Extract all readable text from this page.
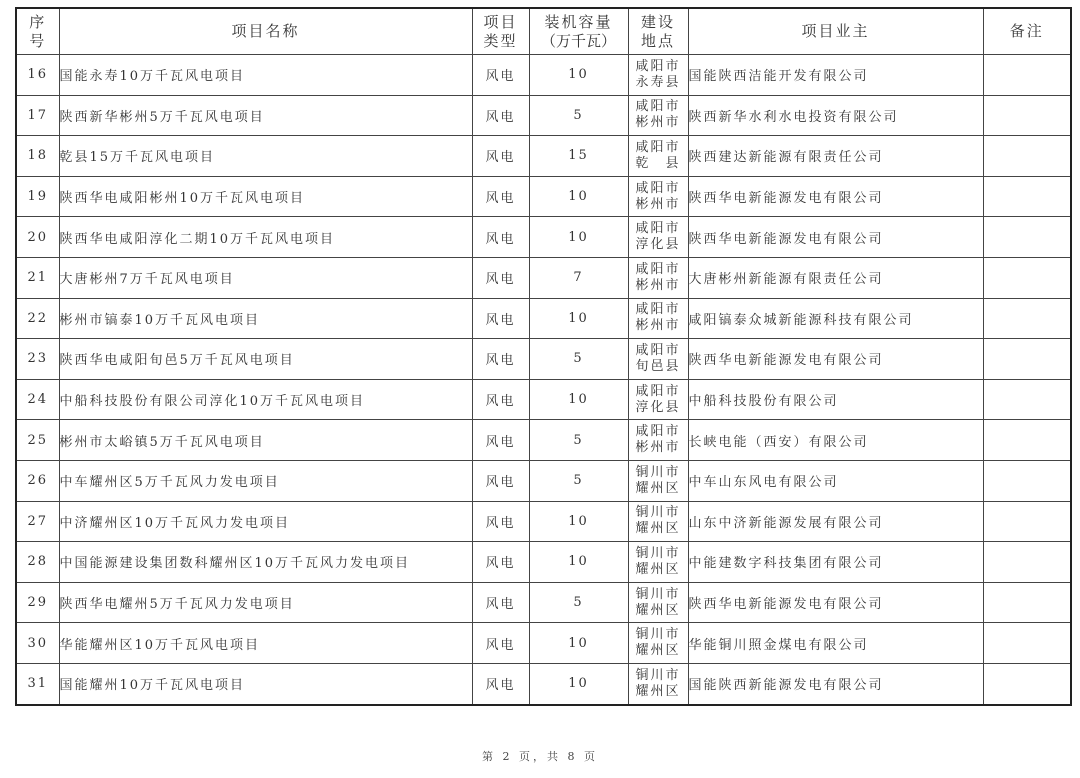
序
号	项目名称	项目
类型	装机容量
（万千瓦）	建设
地点	项目业主	备注
16	国能永寿10万千瓦风电项目	风电	10	咸阳市
永寿县	国能陕西洁能开发有限公司	
17	陕西新华彬州5万千瓦风电项目	风电	5	咸阳市
彬州市	陕西新华水利水电投资有限公司	
18	乾县15万千瓦风电项目	风电	15	咸阳市
乾　县	陕西建达新能源有限责任公司	
19	陕西华电咸阳彬州10万千瓦风电项目	风电	10	咸阳市
彬州市	陕西华电新能源发电有限公司	
20	陕西华电咸阳淳化二期10万千瓦风电项目	风电	10	咸阳市
淳化县	陕西华电新能源发电有限公司	
21	大唐彬州7万千瓦风电项目	风电	7	咸阳市
彬州市	大唐彬州新能源有限责任公司	
22	彬州市镐泰10万千瓦风电项目	风电	10	咸阳市
彬州市	咸阳镐泰众城新能源科技有限公司	
23	陕西华电咸阳旬邑5万千瓦风电项目	风电	5	咸阳市
旬邑县	陕西华电新能源发电有限公司	
24	中船科技股份有限公司淳化10万千瓦风电项目	风电	10	咸阳市
淳化县	中船科技股份有限公司	
25	彬州市太峪镇5万千瓦风电项目	风电	5	咸阳市
彬州市	长峡电能（西安）有限公司	
26	中车耀州区5万千瓦风力发电项目	风电	5	铜川市
耀州区	中车山东风电有限公司	
27	中济耀州区10万千瓦风力发电项目	风电	10	铜川市
耀州区	山东中济新能源发展有限公司	
28	中国能源建设集团数科耀州区10万千瓦风力发电项目	风电	10	铜川市
耀州区	中能建数字科技集团有限公司	
29	陕西华电耀州5万千瓦风力发电项目	风电	5	铜川市
耀州区	陕西华电新能源发电有限公司	
30	华能耀州区10万千瓦风电项目	风电	10	铜川市
耀州区	华能铜川照金煤电有限公司	
31	国能耀州10万千瓦风电项目	风电	10	铜川市
耀州区	国能陕西新能源发电有限公司	
第 2 页，共 8 页
